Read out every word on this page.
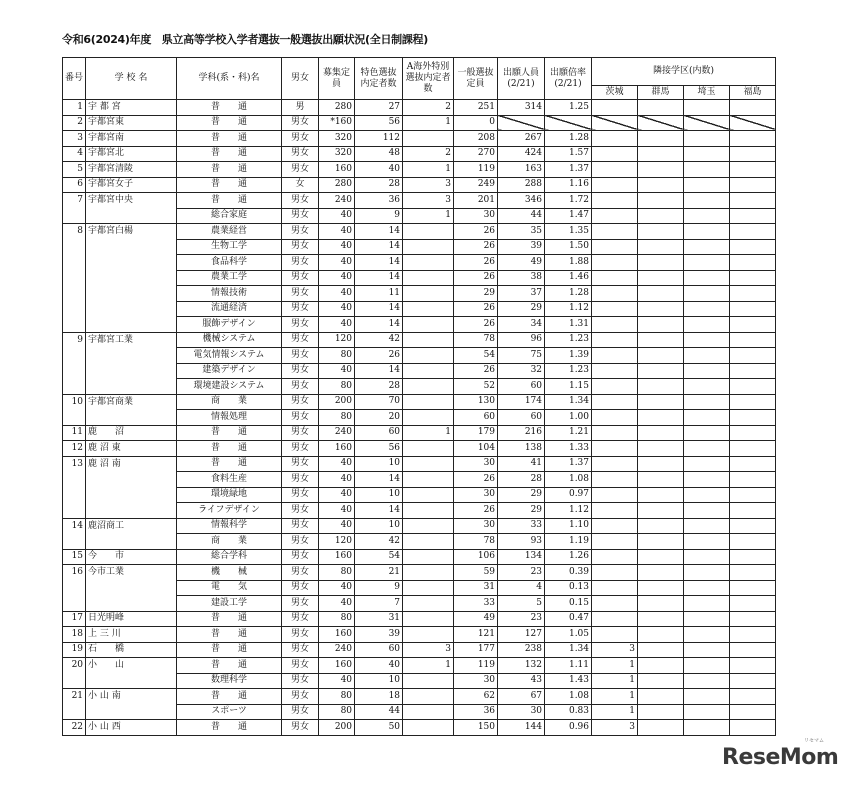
令和6(2024)年度　県立高等学校入学者選抜一般選抜出願状況(全日制課程)
番号	学 校 名	学科(系・科)名	男女	募集定員	特色選抜内定者数	A海外特別選抜内定者数	一般選抜定員	出願人員(2/21)	出願倍率(2/21)	隣接学区(内数)			
										茨城	群馬	埼玉	福島
1	宇 都 宮	普　　通	男	280	27	2	251	314	1.25				
2	宇都宮東	普　　通	男女	*160	56	1	0						
3	宇都宮南	普　　通	男女	320	112		208	267	1.28				
4	宇都宮北	普　　通	男女	320	48	2	270	424	1.57				
5	宇都宮清陵	普　　通	男女	160	40	1	119	163	1.37				
6	宇都宮女子	普　　通	女	280	28	3	249	288	1.16				
7	宇都宮中央	普　　通	男女	240	36	3	201	346	1.72				
		総合家庭	男女	40	9	1	30	44	1.47				
8	宇都宮白楊	農業経営	男女	40	14		26	35	1.35				
		生物工学	男女	40	14		26	39	1.50				
		食品科学	男女	40	14		26	49	1.88				
		農業工学	男女	40	14		26	38	1.46				
		情報技術	男女	40	11		29	37	1.28				
		流通経済	男女	40	14		26	29	1.12				
		服飾デザイン	男女	40	14		26	34	1.31				
9	宇都宮工業	機械システム	男女	120	42		78	96	1.23				
		電気情報システム	男女	80	26		54	75	1.39				
		建築デザイン	男女	40	14		26	32	1.23				
		環境建設システム	男女	80	28		52	60	1.15				
10	宇都宮商業	商　　業	男女	200	70		130	174	1.34				
		情報処理	男女	80	20		60	60	1.00				
11	鹿　　沼	普　　通	男女	240	60	1	179	216	1.21				
12	鹿 沼 東	普　　通	男女	160	56		104	138	1.33				
13	鹿 沼 南	普　　通	男女	40	10		30	41	1.37				
		食料生産	男女	40	14		26	28	1.08				
		環境緑地	男女	40	10		30	29	0.97				
		ライフデザイン	男女	40	14		26	29	1.12				
14	鹿沼商工	情報科学	男女	40	10		30	33	1.10				
		商　　業	男女	120	42		78	93	1.19				
15	今　　市	総合学科	男女	160	54		106	134	1.26				
16	今市工業	機　　械	男女	80	21		59	23	0.39				
		電　　気	男女	40	9		31	4	0.13				
		建設工学	男女	40	7		33	5	0.15				
17	日光明峰	普　　通	男女	80	31		49	23	0.47				
18	上 三 川	普　　通	男女	160	39		121	127	1.05				
19	石　　橋	普　　通	男女	240	60	3	177	238	1.34	3			
20	小　　山	普　　通	男女	160	40	1	119	132	1.11	1			
		数理科学	男女	40	10		30	43	1.43	1			
21	小 山 南	普　　通	男女	80	18		62	67	1.08	1			
		スポーツ	男女	80	44		36	30	0.83	1			
22	小 山 西	普　　通	男女	200	50		150	144	0.96	3			
リセマム
ReseMom
